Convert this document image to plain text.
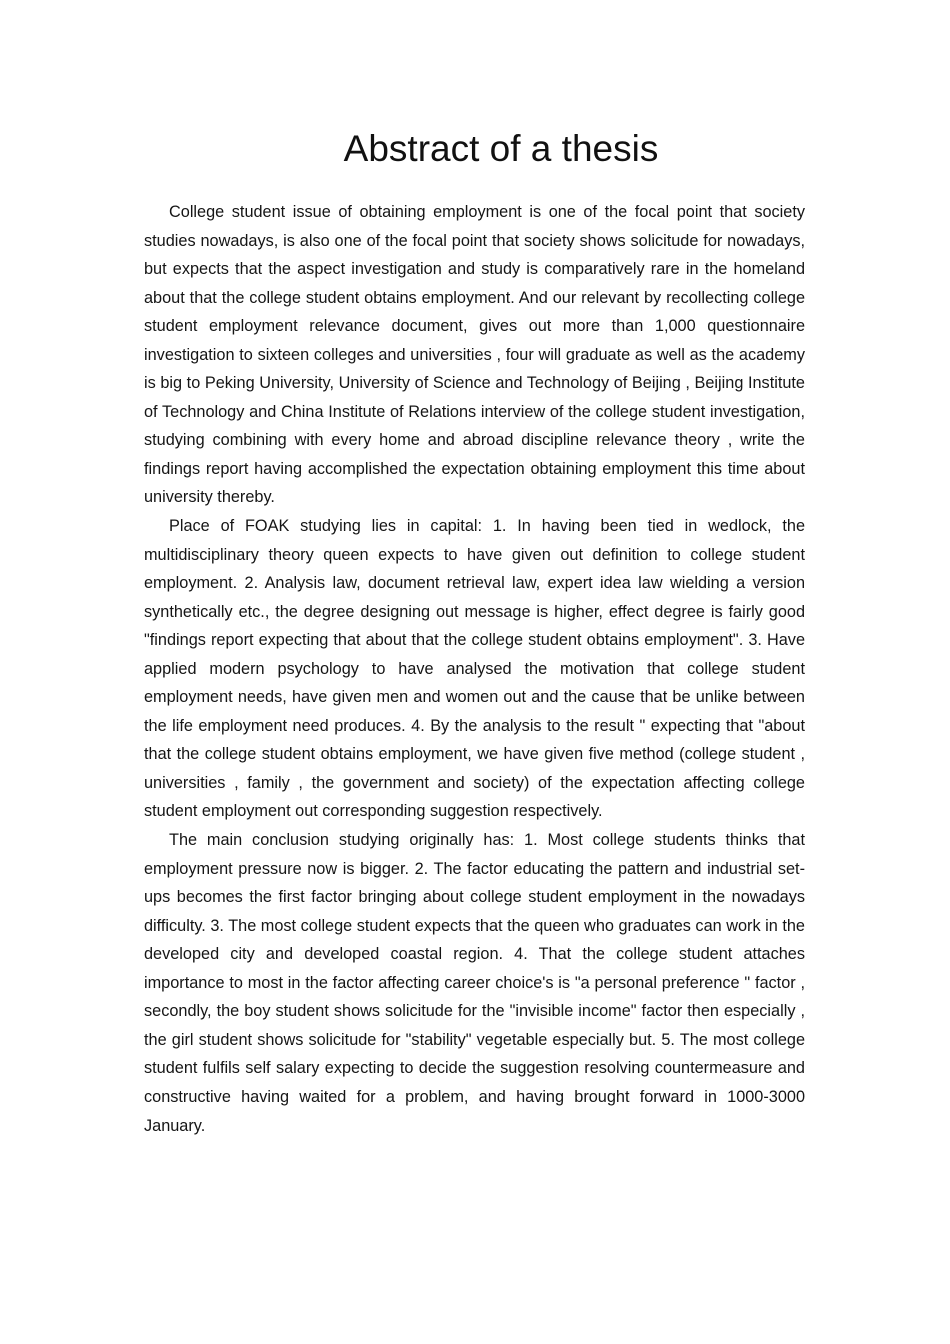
Abstract of a thesis

College student issue of obtaining employment is one of the focal point that society studies nowadays, is also one of the focal point that society shows solicitude for nowadays, but expects that the aspect investigation and study is comparatively rare in the homeland about that the college student obtains employment. And our relevant by recollecting college student employment relevance document, gives out more than 1,000 questionnaire investigation to sixteen colleges and universities , four will graduate as well as the academy is big to Peking University, University of Science and Technology of Beijing , Beijing Institute of Technology and China Institute of Relations interview of the college student investigation, studying combining with every home and abroad discipline relevance theory , write the findings report having accomplished the expectation obtaining employment this time about university thereby.

Place of FOAK studying lies in capital: 1. In having been tied in wedlock, the multidisciplinary theory queen expects to have given out definition to college student employment. 2. Analysis law, document retrieval law, expert idea law wielding a version synthetically etc., the degree designing out message is higher, effect degree is fairly good "findings report expecting that about that the college student obtains employment". 3. Have applied modern psychology to have analysed the motivation that college student employment needs, have given men and women out and the cause that be unlike between the life employment need produces. 4. By the analysis to the result " expecting that "about that the college student obtains employment, we have given five method (college student , universities , family , the government and society) of the expectation affecting college student employment out corresponding suggestion respectively.

The main conclusion studying originally has: 1. Most college students thinks that employment pressure now is bigger. 2. The factor educating the pattern and industrial set-ups becomes the first factor bringing about college student employment in the nowadays difficulty. 3. The most college student expects that the queen who graduates can work in the developed city and developed coastal region. 4. That the college student attaches importance to most in the factor affecting career choice's is "a personal preference " factor , secondly, the boy student shows solicitude for the "invisible income" factor then especially , the girl student shows solicitude for "stability" vegetable especially but. 5. The most college student fulfils self salary expecting to decide the suggestion resolving countermeasure and constructive having waited for a problem, and having brought forward in 1000-3000 January.
